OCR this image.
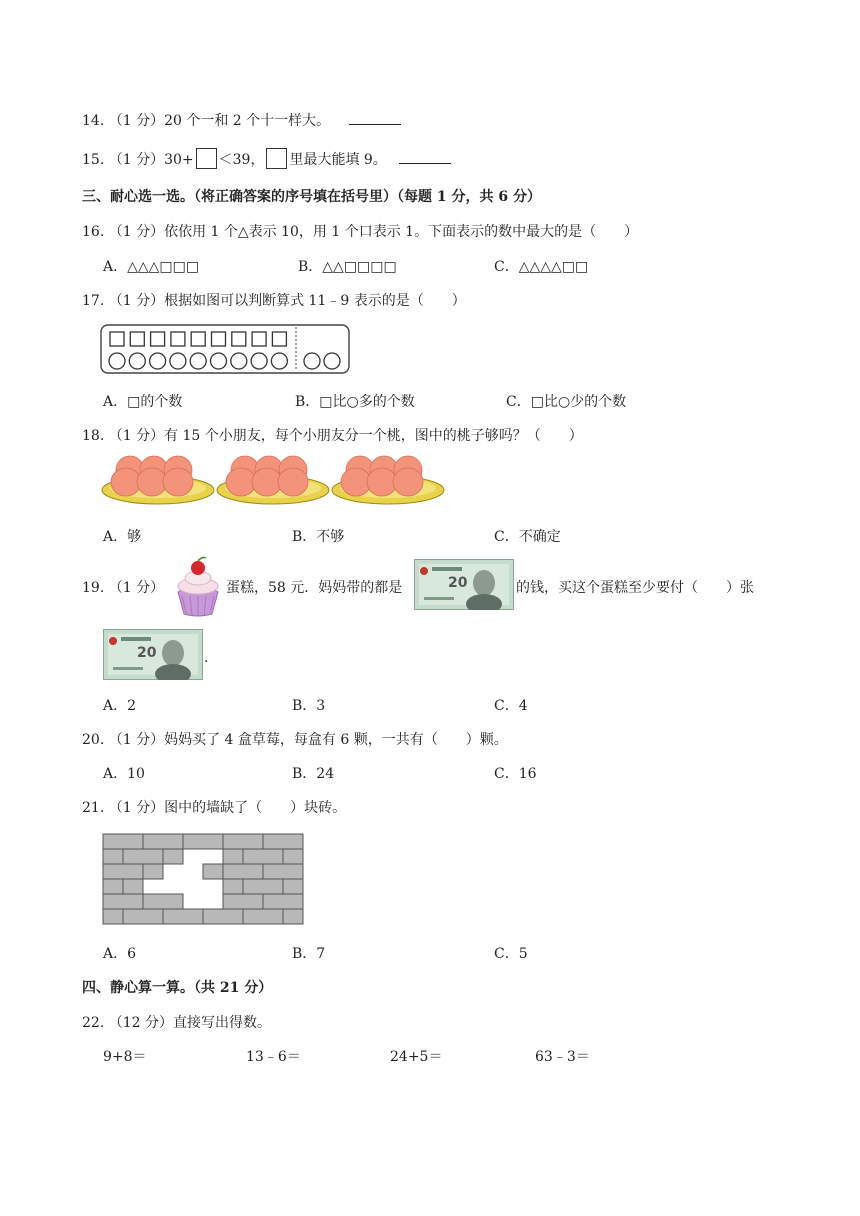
14. （1 分）20 个一和 2 个十一样大。
15. （1 分）30+ ＜39， 里最大能填 9。
三、耐心选一选。（将正确答案的序号填在括号里）（每题 1 分，共 6 分）
16. （1 分）依依用 1 个△表示 10，用 1 个口表示 1。下面表示的数中最大的是（　　）
A．△△△□□□	B．△△□□□□	C．△△△△□□
17. （1 分）根据如图可以判断算式 11﹣9 表示的是（　　）
A．□的个数	B．□比○多的个数	C．□比○少的个数
18. （1 分）有 15 个小朋友，每个小朋友分一个桃，图中的桃子够吗？（　　）
A．够	B．不够	C．不确定
19. （1 分）	蛋糕，58 元．妈妈带的都是	20	的钱，买这个蛋糕至少要付（　　）张
20	.
A．2	B．3	C．4
20. （1 分）妈妈买了 4 盒草莓，每盒有 6 颗，一共有（　　）颗。
A．10	B．24	C．16
21. （1 分）图中的墙缺了（　　）块砖。
A．6	B．7	C．5
四、静心算一算。（共 21 分）
22. （12 分）直接写出得数。
9+8＝	13﹣6＝	24+5＝	63﹣3＝
